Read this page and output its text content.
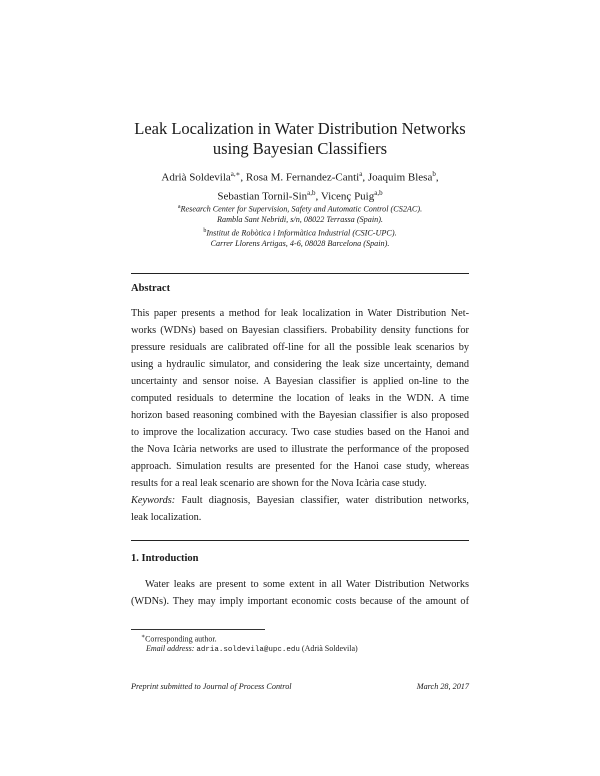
Leak Localization in Water Distribution Networks
using Bayesian Classifiers
Adrià Soldevila$^{a,∗}$, Rosa M. Fernandez-Canti$^a$, Joaquim Blesa$^b$,
Sebastian Tornil-Sin$^{a,b}$, Vicenç Puig$^{a,b}$
$^a$Research Center for Supervision, Safety and Automatic Control (CS2AC).
Rambla Sant Nebridi, s/n, 08022 Terrassa (Spain).
$^b$Institut de Robòtica i Informàtica Industrial (CSIC-UPC).
Carrer Llorens Artigas, 4-6, 08028 Barcelona (Spain).
Abstract
This paper presents a method for leak localization in Water Distribution Net-
works (WDNs) based on Bayesian classifiers. Probability density functions for
pressure residuals are calibrated off-line for all the possible leak scenarios by
using a hydraulic simulator, and considering the leak size uncertainty, demand
uncertainty and sensor noise. A Bayesian classifier is applied on-line to the
computed residuals to determine the location of leaks in the WDN. A time
horizon based reasoning combined with the Bayesian classifier is also proposed
to improve the localization accuracy. Two case studies based on the Hanoi and
the Nova Icària networks are used to illustrate the performance of the proposed
approach. Simulation results are presented for the Hanoi case study, whereas
results for a real leak scenario are shown for the Nova Icària case study.
Keywords: Fault diagnosis, Bayesian classifier, water distribution networks,
leak localization.
1. Introduction
Water leaks are present to some extent in all Water Distribution Networks
(WDNs). They may imply important economic costs because of the amount of
∗Corresponding author.
Email address: adria.soldevila@upc.edu (Adrià Soldevila)
Preprint submitted to Journal of Process Control	March 28, 2017
